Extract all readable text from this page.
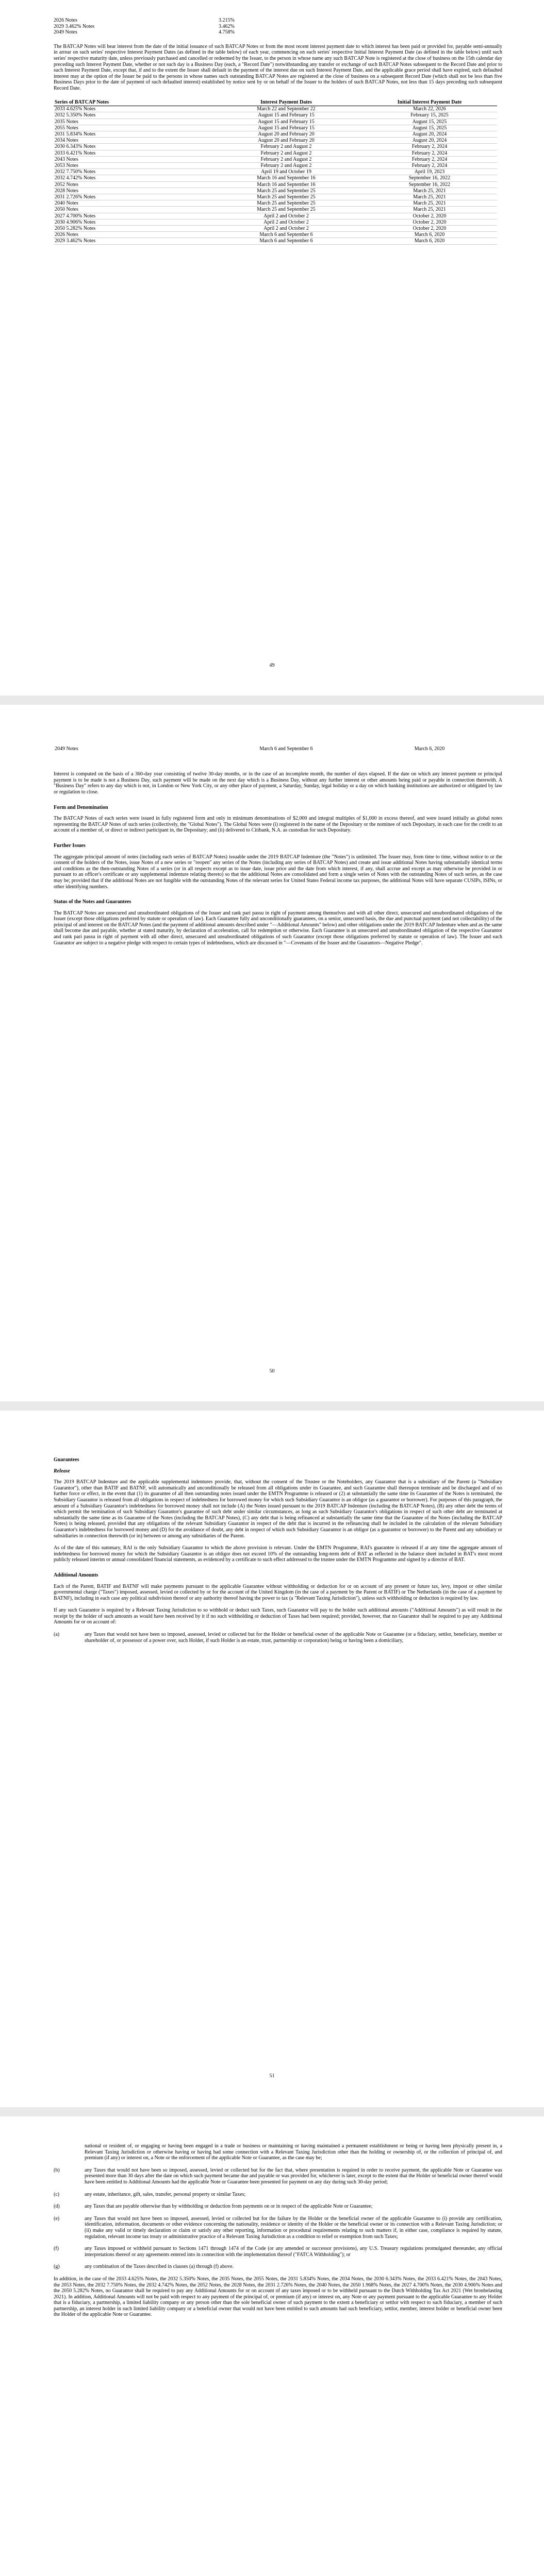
2026 Notes	3.215%
2029 3.462% Notes	3.462%
2049 Notes	4.758%

The BATCAP Notes will bear interest from the date of the initial issuance of such BATCAP Notes or from the most recent interest payment date to which interest has been paid or provided for, payable semi-annually in arrear on such series' respective Interest Payment Dates (as defined in the table below) of each year, commencing on each series' respective Initial Interest Payment Date (as defined in the table below) until such series' respective maturity date, unless previously purchased and cancelled or redeemed by the Issuer, to the person in whose name any such BATCAP Note is registered at the close of business on the 15th calendar day preceding such Interest Payment Date, whether or not such day is a Business Day (each, a "Record Date") notwithstanding any transfer or exchange of such BATCAP Notes subsequent to the Record Date and prior to such Interest Payment Date, except that, if and to the extent the Issuer shall default in the payment of the interest due on such Interest Payment Date, and the applicable grace period shall have expired, such defaulted interest may at the option of the Issuer be paid to the persons in whose names such outstanding BATCAP Notes are registered at the close of business on a subsequent Record Date (which shall not be less than five Business Days prior to the date of payment of such defaulted interest) established by notice sent by or on behalf of the Issuer to the holders of such BATCAP Notes, not less than 15 days preceding such subsequent Record Date.

Series of BATCAP Notes	Interest Payment Dates	Initial Interest Payment Date
2033 4.625% Notes	March 22 and September 22	March 22, 2026
2032 5.350% Notes	August 15 and February 15	February 15, 2025
2035 Notes	August 15 and February 15	August 15, 2025
2055 Notes	August 15 and February 15	August 15, 2025
2031 5.834% Notes	August 20 and February 20	August 20, 2024
2034 Notes	August 20 and February 20	August 20, 2024
2030 6.343% Notes	February 2 and August 2	February 2, 2024
2033 6.421% Notes	February 2 and August 2	February 2, 2024
2043 Notes	February 2 and August 2	February 2, 2024
2053 Notes	February 2 and August 2	February 2, 2024
2032 7.750% Notes	April 19 and October 19	April 19, 2023
2032 4.742% Notes	March 16 and September 16	September 16, 2022
2052 Notes	March 16 and September 16	September 16, 2022
2028 Notes	March 25 and September 25	March 25, 2021
2031 2.726% Notes	March 25 and September 25	March 25, 2021
2040 Notes	March 25 and September 25	March 25, 2021
2050 Notes	March 25 and September 25	March 25, 2021
2027 4.700% Notes	April 2 and October 2	October 2, 2020
2030 4.906% Notes	April 2 and October 2	October 2, 2020
2050 5.282% Notes	April 2 and October 2	October 2, 2020
2026 Notes	March 6 and September 6	March 6, 2020
2029 3.462% Notes	March 6 and September 6	March 6, 2020
49
2049 Notes	March 6 and September 6	March 6, 2020

Interest is computed on the basis of a 360-day year consisting of twelve 30-day months, or in the case of an incomplete month, the number of days elapsed. If the date on which any interest payment or principal payment is to be made is not a Business Day, such payment will be made on the next day which is a Business Day, without any further interest or other amounts being paid or payable in connection therewith. A "Business Day" refers to any day which is not, in London or New York City, or any other place of payment, a Saturday, Sunday, legal holiday or a day on which banking institutions are authorized or obligated by law or regulation to close.

Form and Denomination

The BATCAP Notes of each series were issued in fully registered form and only in minimum denominations of $2,000 and integral multiples of $1,000 in excess thereof, and were issued initially as global notes representing the BATCAP Notes of such series (collectively, the "Global Notes"). The Global Notes were (i) registered in the name of the Depositary or the nominee of such Depositary, in each case for the credit to an account of a member of, or direct or indirect participant in, the Depositary; and (ii) delivered to Citibank, N.A. as custodian for such Depositary.

Further Issues

The aggregate principal amount of notes (including each series of BATCAP Notes) issuable under the 2019 BATCAP Indenture (the "Notes") is unlimited. The Issuer may, from time to time, without notice to or the consent of the holders of the Notes, issue Notes of a new series or "reopen" any series of the Notes (including any series of BATCAP Notes) and create and issue additional Notes having substantially identical terms and conditions as the then-outstanding Notes of a series (or in all respects except as to issue date, issue price and the date from which interest, if any, shall accrue and except as may otherwise be provided in or pursuant to an officer's certificate or any supplemental indenture relating thereto) so that the additional Notes are consolidated and form a single series of Notes with the outstanding Notes of such series, as the case may be; provided that if the additional Notes are not fungible with the outstanding Notes of the relevant series for United States Federal income tax purposes, the additional Notes will have separate CUSIPs, ISINs, or other identifying numbers.

Status of the Notes and Guarantees

The BATCAP Notes are unsecured and unsubordinated obligations of the Issuer and rank pari passu in right of payment among themselves and with all other direct, unsecured and unsubordinated obligations of the Issuer (except those obligations preferred by statute or operation of law). Each Guarantee fully and unconditionally guarantees, on a senior, unsecured basis, the due and punctual payment (and not collectability) of the principal of and interest on the BATCAP Notes (and the payment of additional amounts described under "—Additional Amounts" below) and other obligations under the 2019 BATCAP Indenture when and as the same shall become due and payable, whether at stated maturity, by declaration of acceleration, call for redemption or otherwise. Each Guarantee is an unsecured and unsubordinated obligation of the respective Guarantor and rank pari passu in right of payment with all other direct, unsecured and unsubordinated obligations of such Guarantor (except those obligations preferred by statute or operation of law). The Issuer and each Guarantor are subject to a negative pledge with respect to certain types of indebtedness, which are discussed in "—Covenants of the Issuer and the Guarantors—Negative Pledge".

50

Guarantees

Release

The 2019 BATCAP Indenture and the applicable supplemental indentures provide, that, without the consent of the Trustee or the Noteholders, any Guarantor that is a subsidiary of the Parent (a "Subsidiary Guarantor"), other than BATIF and BATNF, will automatically and unconditionally be released from all obligations under its Guarantee, and such Guarantee shall thereupon terminate and be discharged and of no further force or effect, in the event that (1) its guarantee of all then outstanding notes issued under the EMTN Programme is released or (2) at substantially the same time its Guarantee of the Notes is terminated, the Subsidiary Guarantor is released from all obligations in respect of indebtedness for borrowed money for which such Subsidiary Guarantor is an obligor (as a guarantor or borrower). For purposes of this paragraph, the amount of a Subsidiary Guarantor's indebtedness for borrowed money shall not include (A) the Notes issued pursuant to the 2019 BATCAP Indenture (including the BATCAP Notes), (B) any other debt the terms of which permit the termination of such Subsidiary Guarantor's guarantee of such debt under similar circumstances, as long as such Subsidiary Guarantor's obligations in respect of such other debt are terminated at substantially the same time as its Guarantee of the Notes (including the BATCAP Notes), (C) any debt that is being refinanced at substantially the same time that the Guarantee of the Notes (including the BATCAP Notes) is being released, provided that any obligations of the relevant Subsidiary Guarantor in respect of the debt that is incurred in the refinancing shall be included in the calculation of the relevant Subsidiary Guarantor's indebtedness for borrowed money and (D) for the avoidance of doubt, any debt in respect of which such Subsidiary Guarantor is an obligor (as a guarantor or borrower) to the Parent and any subsidiary or subsidiaries in connection therewith (or in) between or among any subsidiaries of the Parent.

As of the date of this summary, RAI is the only Subsidiary Guarantor to which the above provision is relevant. Under the EMTN Programme, RAI's guarantee is released if at any time the aggregate amount of indebtedness for borrowed money for which the Subsidiary Guarantor is an obligor does not exceed 10% of the outstanding long-term debt of BAT as reflected in the balance sheet included in BAT's most recent publicly released interim or annual consolidated financial statements, as evidenced by a certificate to such effect addressed to the trustee under the EMTN Programme and signed by a director of BAT.

Additional Amounts

Each of the Parent, BATIF and BATNF will make payments pursuant to the applicable Guarantee without withholding or deduction for or on account of any present or future tax, levy, impost or other similar governmental charge ("Taxes") imposed, assessed, levied or collected by or for the account of the United Kingdom (in the case of a payment by the Parent or BATIF) or The Netherlands (in the case of a payment by BATNF), including in each case any political subdivision thereof or any authority thereof having the power to tax (a "Relevant Taxing Jurisdiction"), unless such withholding or deduction is required by law.

If any such Guarantor is required by a Relevant Taxing Jurisdiction to so withhold or deduct such Taxes, such Guarantor will pay to the holder such additional amounts ("Additional Amounts") as will result in the receipt by the holder of such amounts as would have been received by it if no such withholding or deduction of Taxes had been required; provided, however, that no Guarantor shall be required to pay any Additional Amounts for or on account of:

(a)	any Taxes that would not have been so imposed, assessed, levied or collected but for the Holder or beneficial owner of the applicable Note or Guarantee (or a fiduciary, settlor, beneficiary, member or shareholder of, or possessor of a power over, such Holder, if such Holder is an estate, trust, partnership or corporation) being or having been a domiciliary,
51
national or resident of, or engaging or having been engaged in a trade or business or maintaining or having maintained a permanent establishment or being or having been physically present in, a Relevant Taxing Jurisdiction or otherwise having or having had some connection with a Relevant Taxing Jurisdiction other than the holding or ownership of, or the collection of principal of, and premium (if any) or interest on, a Note or the enforcement of the applicable Note or Guarantee, as the case may be;
(b)	any Taxes that would not have been so imposed, assessed, levied or collected but for the fact that, where presentation is required in order to receive payment, the applicable Note or Guarantee was presented more than 30 days after the date on which such payment became due and payable or was provided for, whichever is later, except to the extent that the Holder or beneficial owner thereof would have been entitled to Additional Amounts had the applicable Note or Guarantee been presented for payment on any day during such 30-day period;
(c)	any estate, inheritance, gift, sales, transfer, personal property or similar Taxes;
(d)	any Taxes that are payable otherwise than by withholding or deduction from payments on or in respect of the applicable Note or Guarantee;
(e)	any Taxes that would not have been so imposed, assessed, levied or collected but for the failure by the Holder or the beneficial owner of the applicable Guarantee to (i) provide any certification, identification, information, documents or other evidence concerning the nationality, residence or identity of the Holder or the beneficial owner or its connection with a Relevant Taxing Jurisdiction; or (ii) make any valid or timely declaration or claim or satisfy any other reporting, information or procedural requirements relating to such matters if, in either case, compliance is required by statute, regulation, relevant income tax treaty or administrative practice of a Relevant Taxing Jurisdiction as a condition to relief or exemption from such Taxes;
(f)	any Taxes imposed or withheld pursuant to Sections 1471 through 1474 of the Code (or any amended or successor provisions), any U.S. Treasury regulations promulgated thereunder, any official interpretations thereof or any agreements entered into in connection with the implementation thereof ("FATCA Withholding"); or
(g)	any combination of the Taxes described in clauses (a) through (f) above.

In addition, in the case of the 2033 4.625% Notes, the 2032 5.350% Notes, the 2035 Notes, the 2055 Notes, the 2031 5.834% Notes, the 2034 Notes, the 2030 6.343% Notes, the 2033 6.421% Notes, the 2043 Notes, the 2053 Notes, the 2032 7.750% Notes, the 2032 4.742% Notes, the 2052 Notes, the 2028 Notes, the 2031 2.726% Notes, the 2040 Notes, the 2050 1.968% Notes, the 2027 4.700% Notes, the 2030 4.906% Notes and the 2050 5.282% Notes, no Guarantor shall be required to pay any Additional Amounts for or on account of any taxes imposed or to be withheld pursuant to the Dutch Withholding Tax Act 2021 (Wet bronbelasting 2021). In addition, Additional Amounts will not be paid with respect to any payment of the principal of, or premium (if any) or interest on, any Note or any payment pursuant to the applicable Guarantee to any Holder that is a fiduciary, a partnership, a limited liability company or any person other than the sole beneficial owner of such payment to the extent a beneficiary or settlor with respect to such fiduciary, a member of such partnership, an interest holder in such limited liability company or a beneficial owner that would not have been entitled to such amounts had such beneficiary, settlor, member, interest holder or beneficial owner been the Holder of the applicable Note or Guarantee.
